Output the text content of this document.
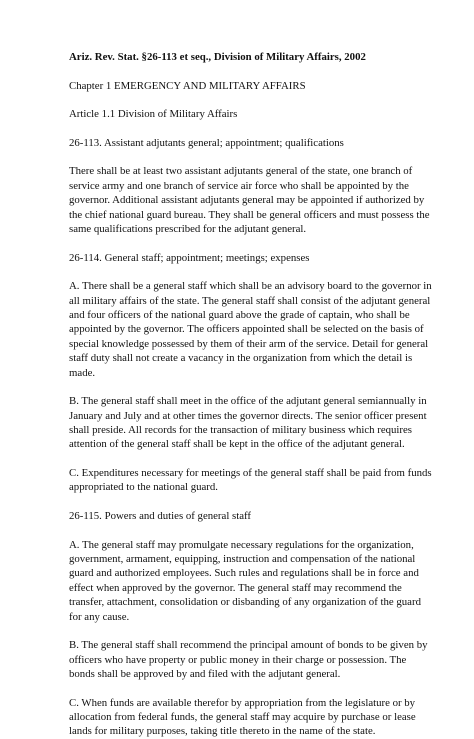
Ariz. Rev. Stat. §26-113 et seq., Division of Military Affairs, 2002

Chapter 1 EMERGENCY AND MILITARY AFFAIRS

Article 1.1 Division of Military Affairs

26-113. Assistant adjutants general; appointment; qualifications

There shall be at least two assistant adjutants general of the state, one branch of service army and one branch of service air force who shall be appointed by the governor. Additional assistant adjutants general may be appointed if authorized by the chief national guard bureau. They shall be general officers and must possess the same qualifications prescribed for the adjutant general.

26-114. General staff; appointment; meetings; expenses

A. There shall be a general staff which shall be an advisory board to the governor in all military affairs of the state. The general staff shall consist of the adjutant general and four officers of the national guard above the grade of captain, who shall be appointed by the governor. The officers appointed shall be selected on the basis of special knowledge possessed by them of their arm of the service. Detail for general staff duty shall not create a vacancy in the organization from which the detail is made.

B. The general staff shall meet in the office of the adjutant general semiannually in January and July and at other times the governor directs. The senior officer present shall preside. All records for the transaction of military business which requires attention of the general staff shall be kept in the office of the adjutant general.

C. Expenditures necessary for meetings of the general staff shall be paid from funds appropriated to the national guard.

26-115. Powers and duties of general staff

A. The general staff may promulgate necessary regulations for the organization, government, armament, equipping, instruction and compensation of the national guard and authorized employees. Such rules and regulations shall be in force and effect when approved by the governor. The general staff may recommend the transfer, attachment, consolidation or disbanding of any organization of the guard for any cause.

B. The general staff shall recommend the principal amount of bonds to be given by officers who have property or public money in their charge or possession. The bonds shall be approved by and filed with the adjutant general.

C. When funds are available therefor by appropriation from the legislature or by allocation from federal funds, the general staff may acquire by purchase or lease lands for military purposes, taking title thereto in the name of the state.
